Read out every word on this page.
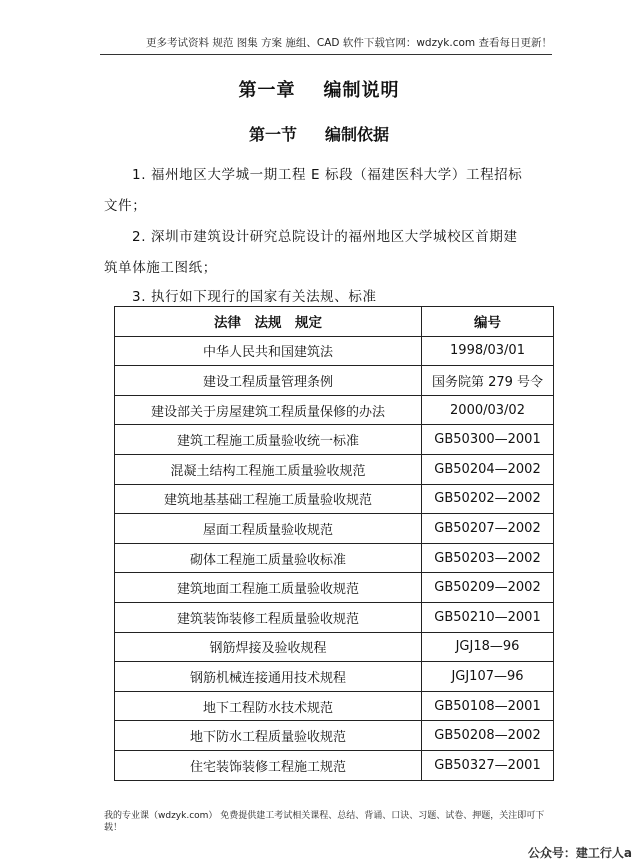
更多考试资料 规范 图集 方案 施组、CAD 软件下载官网：wdzyk.com 查看每日更新！
第一章 编制说明
第一节 编制依据
1. 福州地区大学城一期工程 E 标段（福建医科大学）工程招标
文件；
2. 深圳市建筑设计研究总院设计的福州地区大学城校区首期建
筑单体施工图纸；
3. 执行如下现行的国家有关法规、标准
法律　法规　规定	编号
中华人民共和国建筑法	1998/03/01
建设工程质量管理条例	国务院第 279 号令
建设部关于房屋建筑工程质量保修的办法	2000/03/02
建筑工程施工质量验收统一标准	GB50300—2001
混凝土结构工程施工质量验收规范	GB50204—2002
建筑地基基础工程施工质量验收规范	GB50202—2002
屋面工程质量验收规范	GB50207—2002
砌体工程施工质量验收标准	GB50203—2002
建筑地面工程施工质量验收规范	GB50209—2002
建筑装饰装修工程质量验收规范	GB50210—2001
钢筋焊接及验收规程	JGJ18—96
钢筋机械连接通用技术规程	JGJ107—96
地下工程防水技术规范	GB50108—2001
地下防水工程质量验收规范	GB50208—2002
住宅装饰装修工程施工规范	GB50327—2001
我的专业课（wdzyk.com） 免费提供建工考试相关课程、总结、背诵、口诀、习题、试卷、押题，关注即可下载！
公众号：建工行人a
